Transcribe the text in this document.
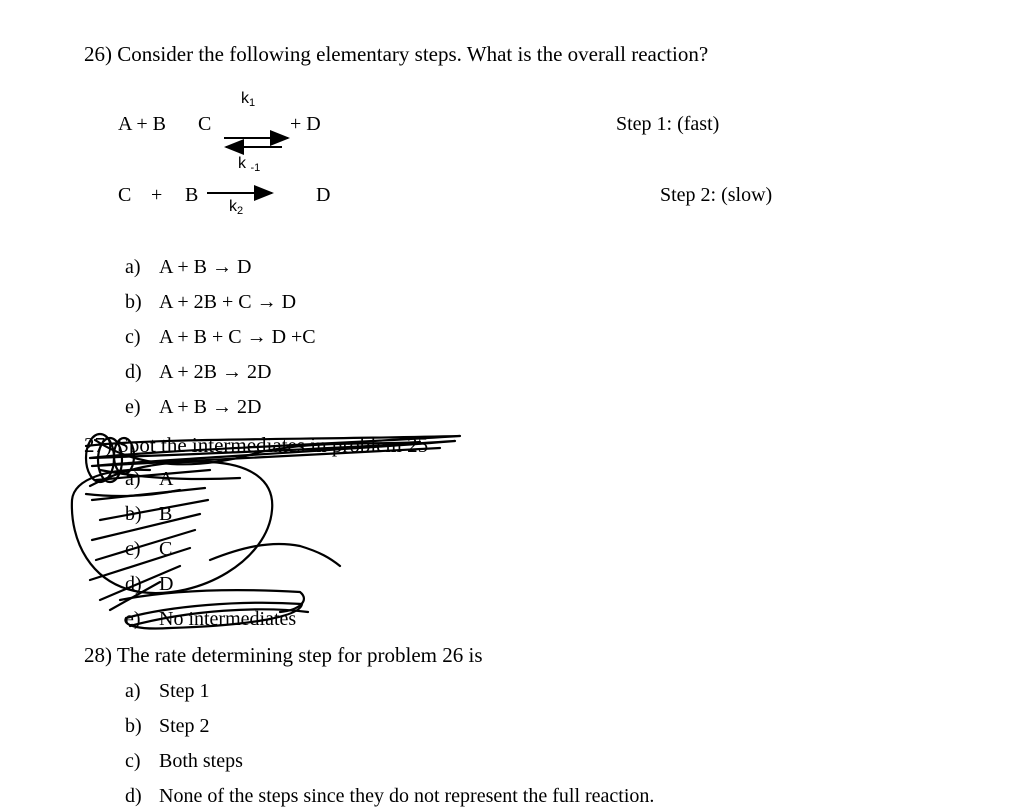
26) Consider the following elementary steps. What is the overall reaction?
A + B C	+ D
k1
k -1
Step 1: (fast)
C + B	D
k2
Step 2: (slow)
a) A + B → D
b) A + 2B + C → D
c) A + B + C → D +C
d) A + 2B → 2D
e) A + B → 2D
27) Spot the intermediates in problem 25
a) A
b) B
c) C
d) D
e) No intermediates
28) The rate determining step for problem 26 is
a) Step 1
b) Step 2
c) Both steps
d) None of the steps since they do not represent the full reaction.
